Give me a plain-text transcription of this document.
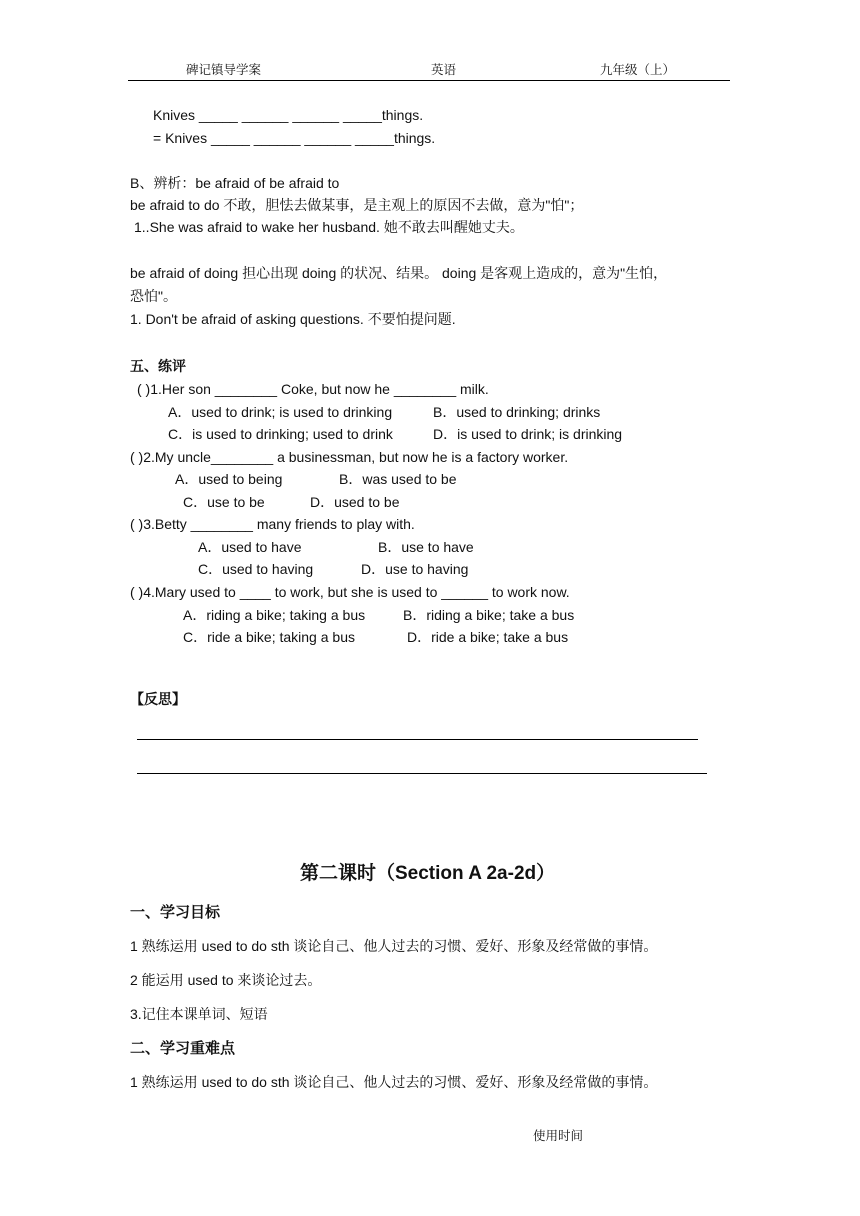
碑记镇导学案	英语	九年级（上）
Knives _____ ______ ______ _____things.
= Knives _____ ______ ______ _____things.
B、辨析：be afraid of be afraid to
be afraid to do 不敢，胆怯去做某事，是主观上的原因不去做，意为"怕"；
1..She was afraid to wake her husband. 她不敢去叫醒她丈夫。
be afraid of doing 担心出现 doing 的状况、结果。 doing 是客观上造成的，意为"生怕，
恐怕"。
1. Don't be afraid of asking questions. 不要怕提问题.
五、练评
( )1.Her son ________ Coke, but now he ________ milk.
A．used to drink; is used to drinking	B．used to drinking; drinks
C．is used to drinking; used to drink	D．is used to drink; is drinking
( )2.My uncle________ a businessman, but now he is a factory worker.
A．used to being	B．was used to be
C．use to be	D．used to be
( )3.Betty ________ many friends to play with.
A．used to have	B．use to have
C．used to having	D．use to having
( )4.Mary used to ____ to work, but she is used to ______ to work now.
A．riding a bike; taking a bus	B．riding a bike; take a bus
C．ride a bike; taking a bus	D．ride a bike; take a bus
【反思】
第二课时（Section A 2a-2d）
一、学习目标
1 熟练运用 used to do sth 谈论自己、他人过去的习惯、爱好、形象及经常做的事情。
2 能运用 used to 来谈论过去。
3.记住本课单词、短语
二、学习重难点
1 熟练运用 used to do sth 谈论自己、他人过去的习惯、爱好、形象及经常做的事情。
使用时间
